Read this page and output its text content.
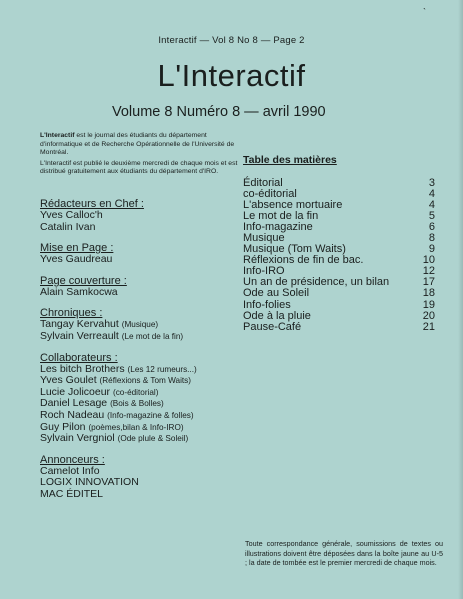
`
Interactif — Vol 8 No 8 — Page 2
L'Interactif
Volume 8 Numéro 8 — avril 1990

L'Interactif est le journal des étudiants du département d'informatique et de Recherche Opérationnelle de l'Université de Montréal.

L'Interactif est publié le deuxième mercredi de chaque mois et est distribué gratuitement aux étudiants du département d'IRO.

Rédacteurs en Chef :
Yves Calloc'h
Catalin Ivan
Mise en Page :
Yves Gaudreau
Page couverture :
Alain Samkocwa
Chroniques :
Tangay Kervahut (Musique)
Sylvain Verreault (Le mot de la fin)
Collaborateurs :
Les bitch Brothers (Les 12 rumeurs...)
Yves Goulet (Réflexions & Tom Waits)
Lucie Jolicoeur (co-éditorial)
Daniel Lesage (Bois & Bolles)
Roch Nadeau (Info-magazine & folles)
Guy Pilon (poèmes,bilan & Info-IRO)
Sylvain Vergniol (Ode plule & Soleil)
Annonceurs :
Camelot Info
LOGIX INNOVATION
MAC ÉDITEL
Table des matières
Éditorial	3
co-éditorial	4
L'absence mortuaire	4
Le mot de la fin	5
Info-magazine	6
Musique	8
Musique (Tom Waits)	9
Réflexions de fin de bac.	10
Info-IRO	12
Un an de présidence, un bilan	17
Ode au Soleil	18
Info-folies	19
Ode à la pluie	20
Pause-Café	21
Toute correspondance générale, soumissions de textes ou illustrations doivent être déposées dans la boîte jaune au U-5 ; la date de tombée est le premier mercredi de chaque mois.
